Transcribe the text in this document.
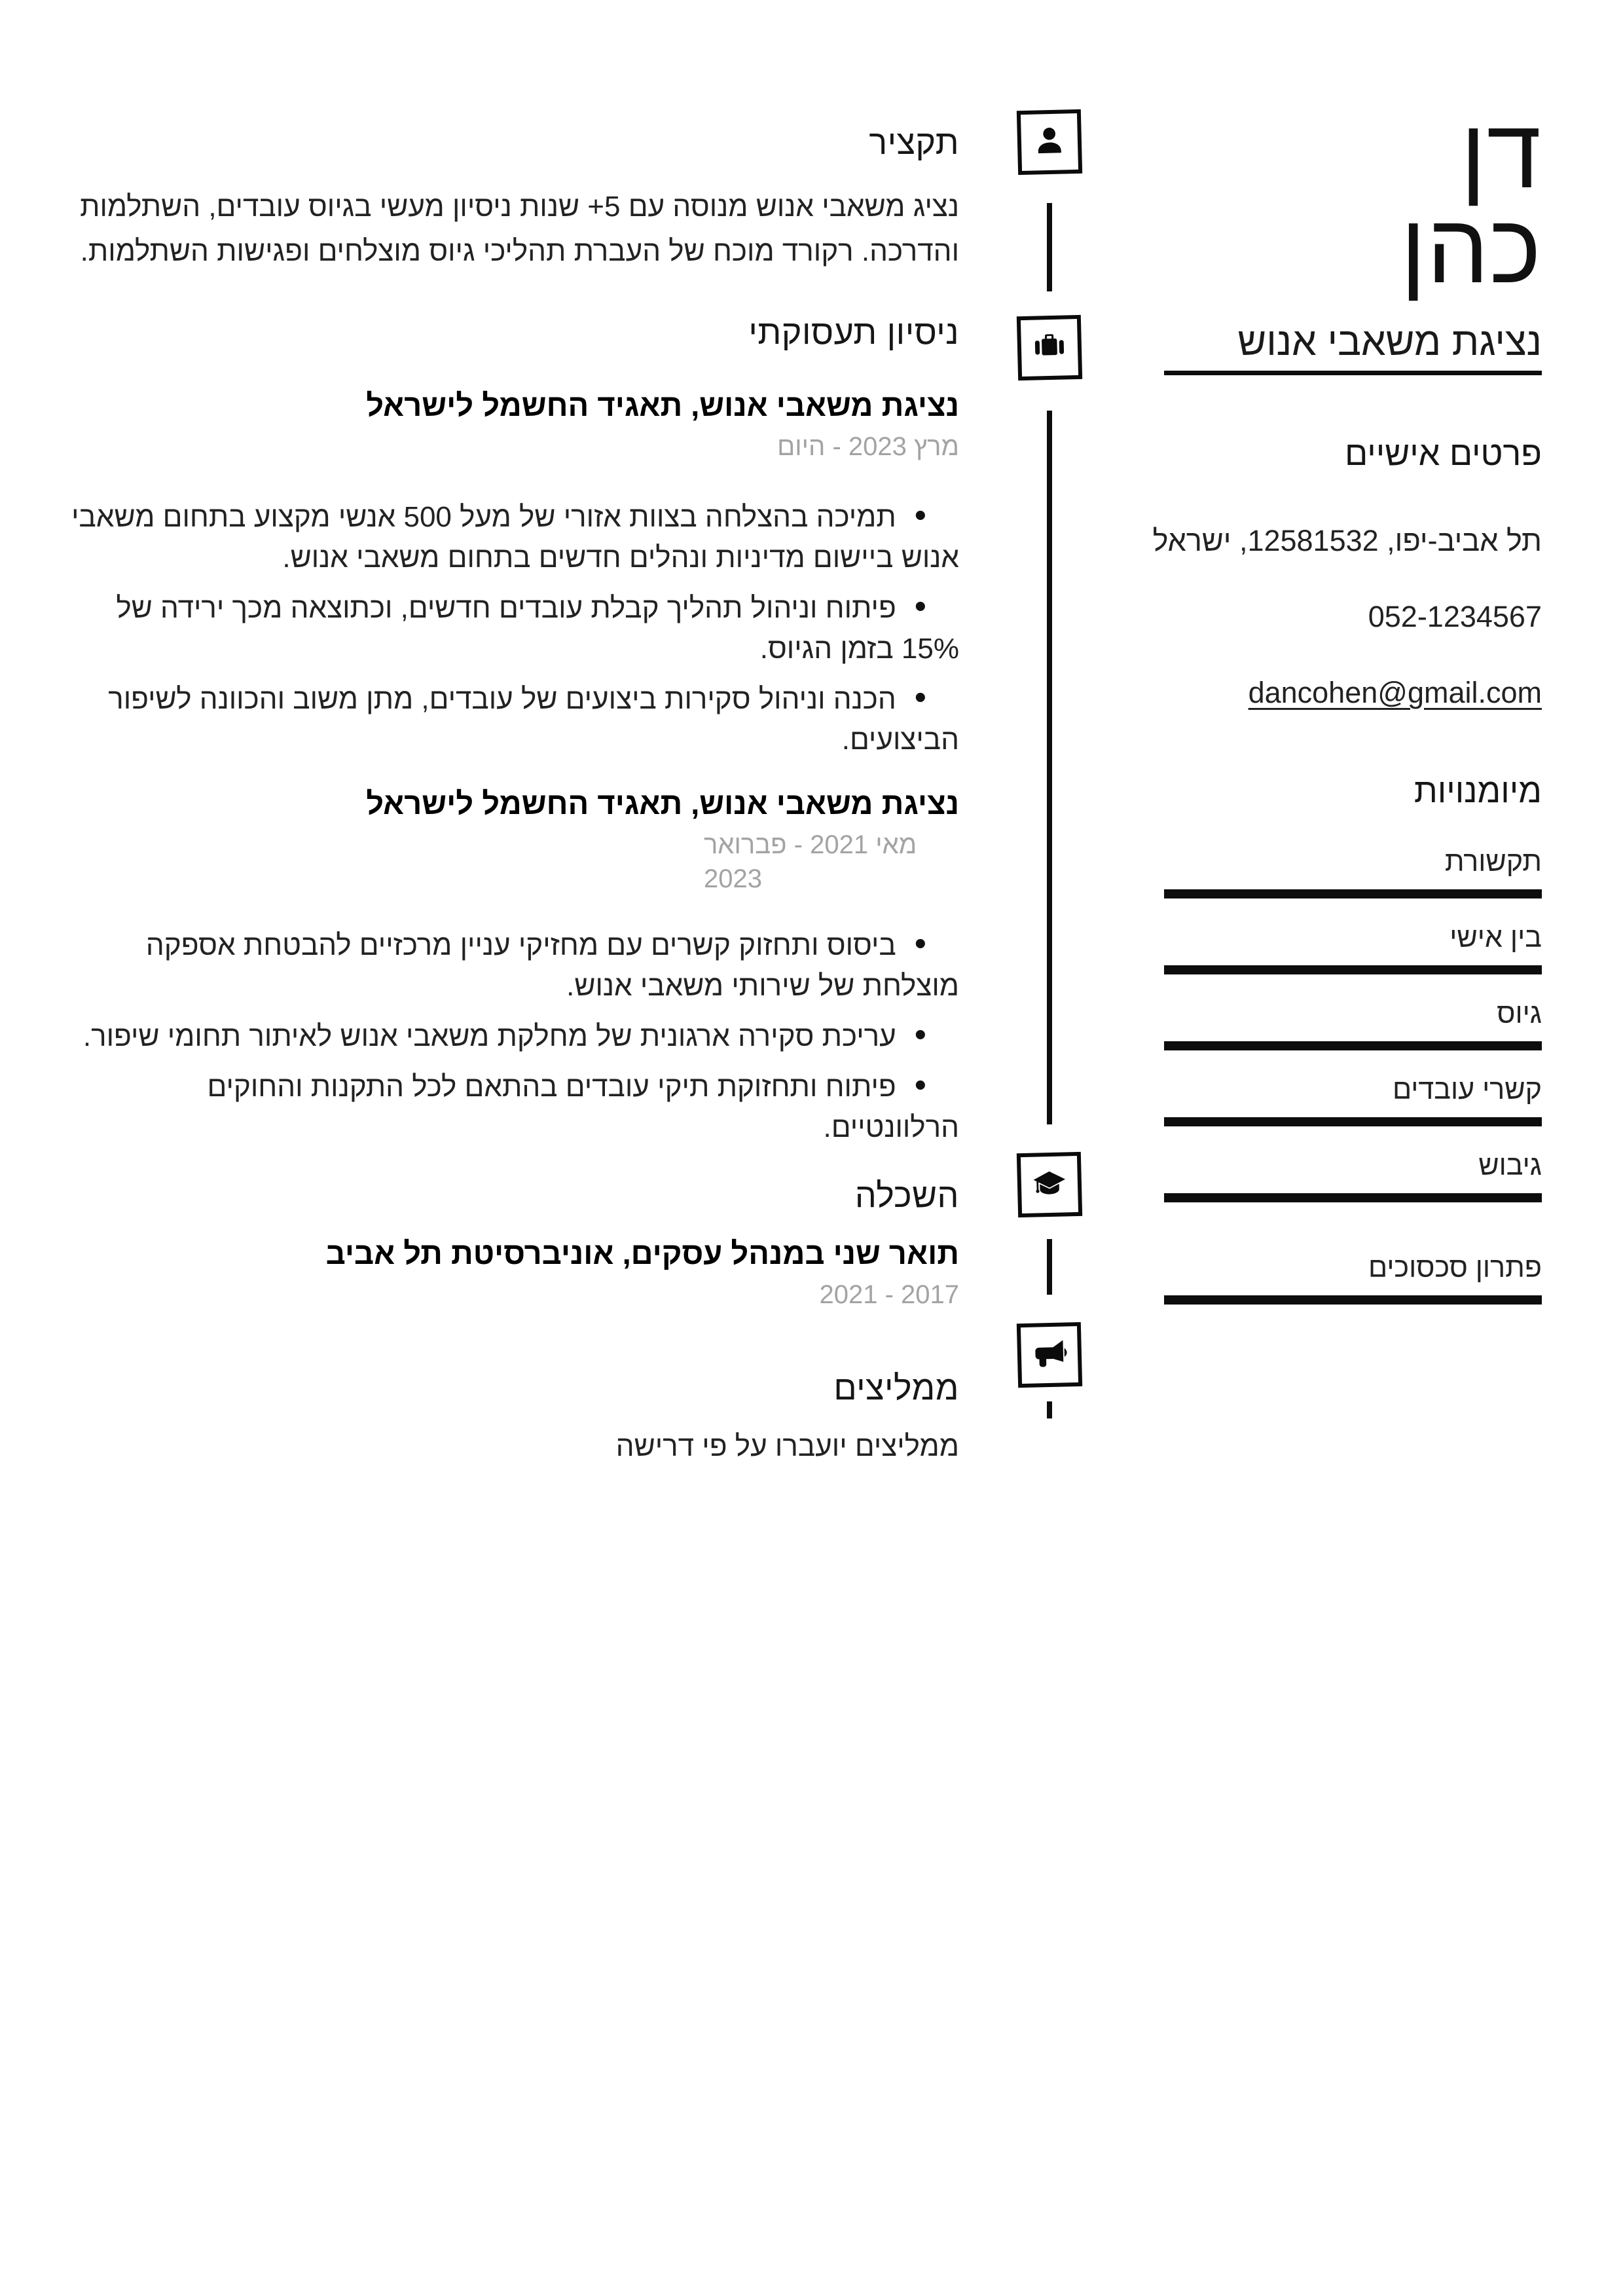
תקציר
נציג משאבי אנוש מנוסה עם 5+ שנות ניסיון מעשי בגיוס עובדים, השתלמות והדרכה. רקורד מוכח של העברת תהליכי גיוס מוצלחים ופגישות השתלמות.
ניסיון תעסוקתי
נציגת משאבי אנוש, תאגיד החשמל לישראל
מרץ 2023 - היום
• תמיכה בהצלחה בצוות אזורי של מעל 500 אנשי מקצוע בתחום משאבי אנוש ביישום מדיניות ונהלים חדשים בתחום משאבי אנוש.
• פיתוח וניהול תהליך קבלת עובדים חדשים, וכתוצאה מכך ירידה של 15% בזמן הגיוס.
• הכנה וניהול סקירות ביצועים של עובדים, מתן משוב והכוונה לשיפור הביצועים.
נציגת משאבי אנוש, תאגיד החשמל לישראל
מאי 2021 - פברואר 2023
• ביסוס ותחזוק קשרים עם מחזיקי עניין מרכזיים להבטחת אספקה מוצלחת של שירותי משאבי אנוש.
• עריכת סקירה ארגונית של מחלקת משאבי אנוש לאיתור תחומי שיפור.
• פיתוח ותחזוקת תיקי עובדים בהתאם לכל התקנות והחוקים הרלוונטיים.
השכלה
תואר שני במנהל עסקים, אוניברסיטת תל אביב
2017 - 2021
ממליצים
ממליצים יועברו על פי דרישה
דן
כהן
נציגת משאבי אנוש
פרטים אישיים
תל אביב-יפו, 12581532, ישראל
052-1234567
dancohen@gmail.com
מיומנויות
תקשורת
בין אישי
גיוס
קשרי עובדים
גיבוש
פתרון סכסוכים
